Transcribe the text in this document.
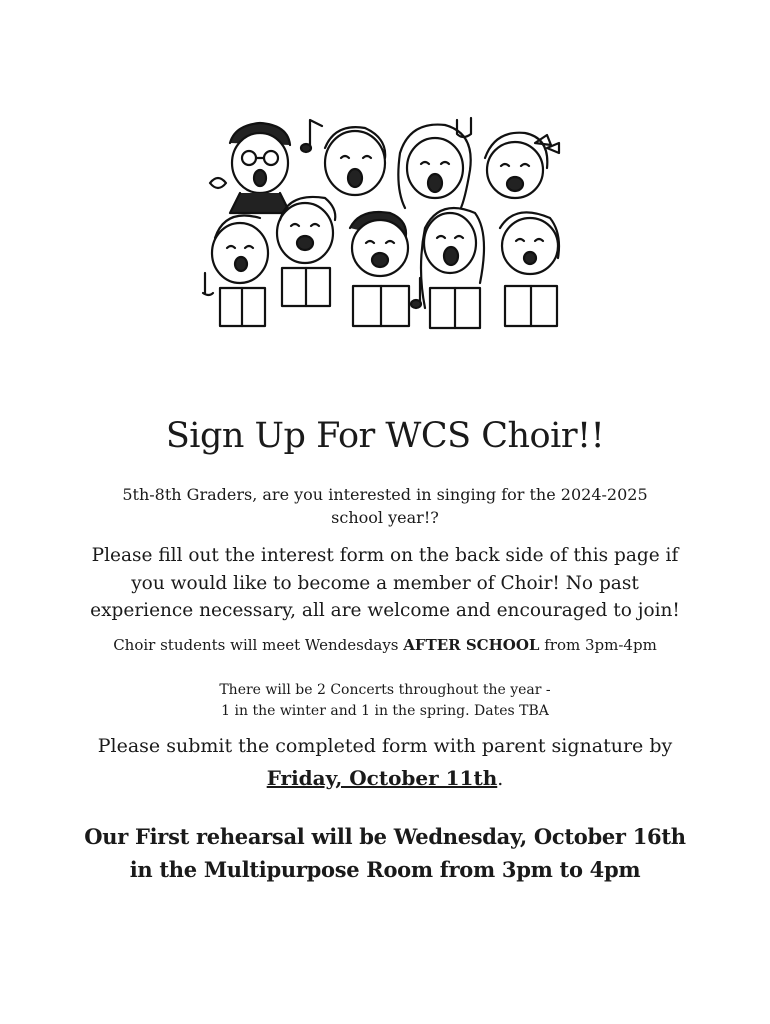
Sign Up For WCS Choir!!
5th-8th Graders, are you interested in singing for the 2024-2025
school year!?
Please fill out the interest form on the back side of this page if
you would like to become a member of Choir! No past
experience necessary, all are welcome and encouraged to join!
Choir students will meet Wendesdays AFTER SCHOOL from 3pm-4pm
There will be 2 Concerts throughout the year -
1 in the winter and 1 in the spring. Dates TBA
Please submit the completed form with parent signature by
Friday, October 11th.
Our First rehearsal will be Wednesday, October 16th
in the Multipurpose Room from 3pm to 4pm
